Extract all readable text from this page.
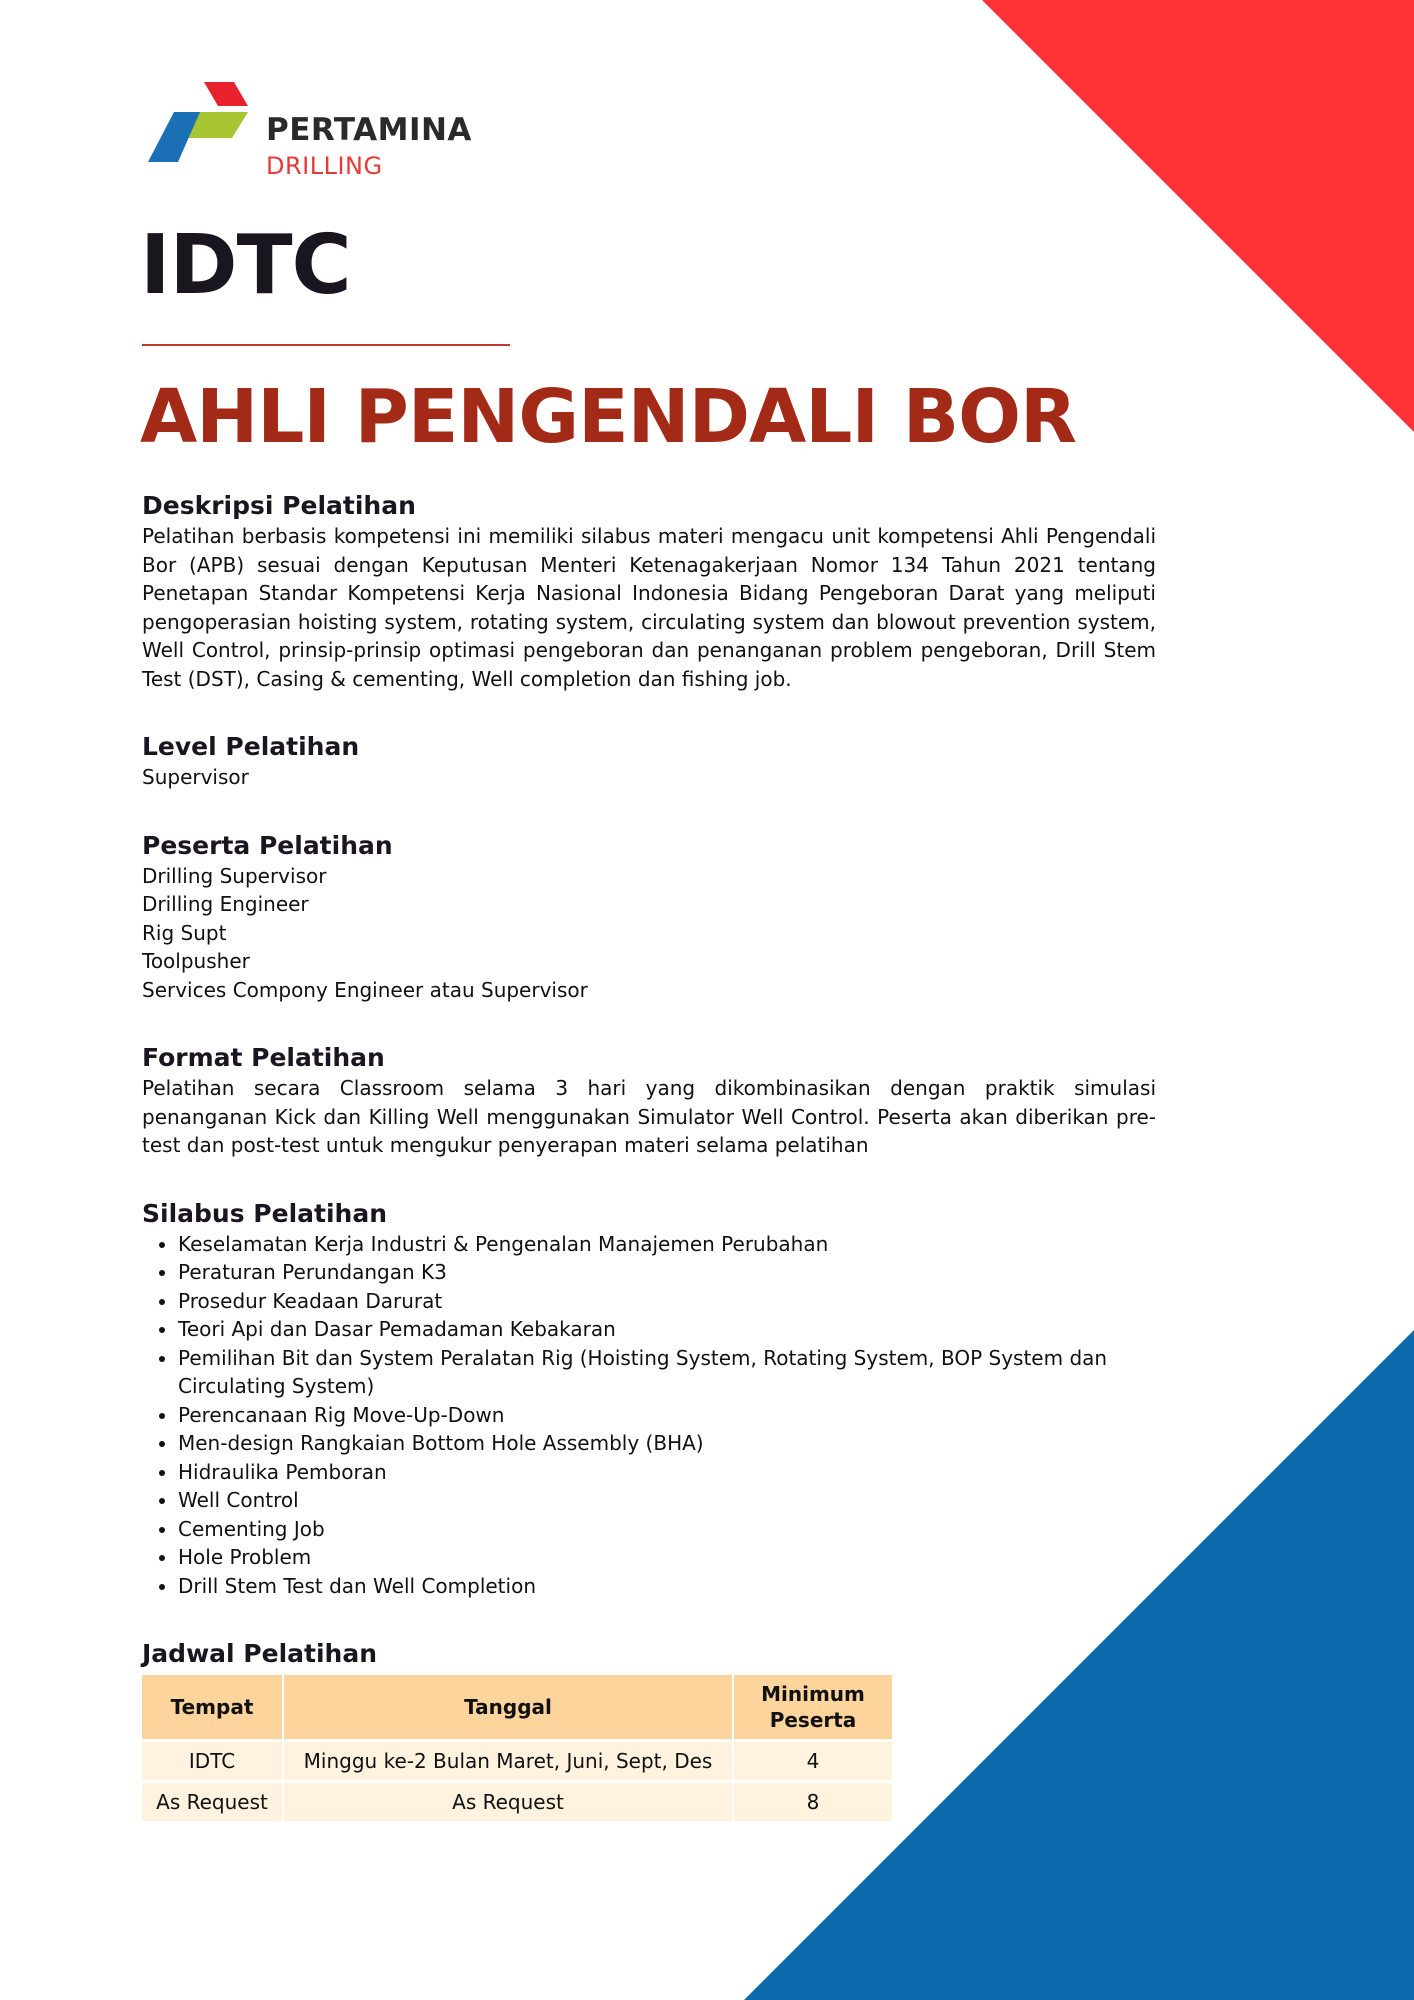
PERTAMINA
DRILLING
IDTC
AHLI PENGENDALI BOR
Deskripsi Pelatihan

Pelatihan berbasis kompetensi ini memiliki silabus materi mengacu unit kompetensi Ahli Pengendali Bor (APB) sesuai dengan Keputusan Menteri Ketenagakerjaan Nomor 134 Tahun 2021 tentang Penetapan Standar Kompetensi Kerja Nasional Indonesia Bidang Pengeboran Darat yang meliputi pengoperasian hoisting system, rotating system, circulating system dan blowout prevention system, Well Control, prinsip-prinsip optimasi pengeboran dan penanganan problem pengeboran, Drill Stem Test (DST), Casing & cementing, Well completion dan fishing job.

Level Pelatihan
Supervisor
Peserta Pelatihan
Drilling Supervisor
Drilling Engineer
Rig Supt
Toolpusher
Services Compony Engineer atau Supervisor
Format Pelatihan

Pelatihan secara Classroom selama 3 hari yang dikombinasikan dengan praktik simulasi penanganan Kick dan Killing Well menggunakan Simulator Well Control. Peserta akan diberikan pre-test dan post-test untuk mengukur penyerapan materi selama pelatihan

Silabus Pelatihan
• Keselamatan Kerja Industri & Pengenalan Manajemen Perubahan
• Peraturan Perundangan K3
• Prosedur Keadaan Darurat
• Teori Api dan Dasar Pemadaman Kebakaran
• Pemilihan Bit dan System Peralatan Rig (Hoisting System, Rotating System, BOP System dan Circulating System)
• Perencanaan Rig Move-Up-Down
• Men-design Rangkaian Bottom Hole Assembly (BHA)
• Hidraulika Pemboran
• Well Control
• Cementing Job
• Hole Problem
• Drill Stem Test dan Well Completion
Jadwal Pelatihan
Tempat	Tanggal	Minimum Peserta
IDTC	Minggu ke-2 Bulan Maret, Juni, Sept, Des	4
As Request	As Request	8
